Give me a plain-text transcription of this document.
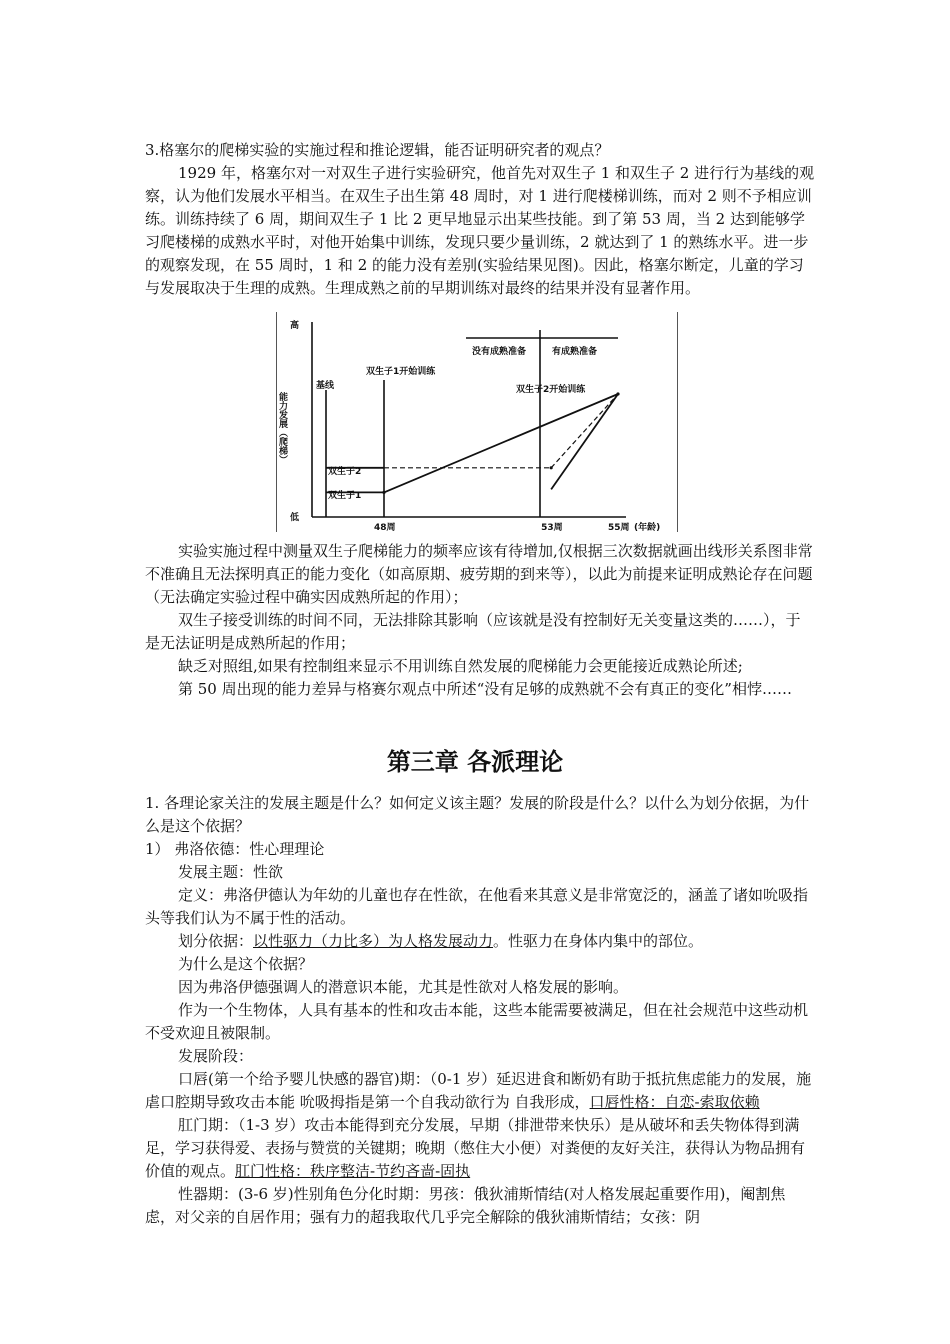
3.格塞尔的爬梯实验的实施过程和推论逻辑，能否证明研究者的观点？

1929 年，格塞尔对一对双生子进行实验研究，他首先对双生子 1 和双生子 2 进行行为基线的观察，认为他们发展水平相当。在双生子出生第 48 周时，对 1 进行爬楼梯训练，而对 2 则不予相应训练。训练持续了 6 周，期间双生子 1 比 2 更早地显示出某些技能。到了第 53 周，当 2 达到能够学习爬楼梯的成熟水平时，对他开始集中训练，发现只要少量训练，2 就达到了 1 的熟练水平。进一步的观察发现，在 55 周时，1 和 2 的能力没有差别(实验结果见图)。因此，格塞尔断定，儿童的学习与发展取决于生理的成熟。生理成熟之前的早期训练对最终的结果并没有显著作用。

高
低
基线
双生子1开始训练
没有成熟准备	有成熟准备
双生子2开始训练
双生子2
双生子1
能力发展（爬梯）
(年龄)
48周	53周	55周

实验实施过程中测量双生子爬梯能力的频率应该有待增加,仅根据三次数据就画出线形关系图非常不准确且无法探明真正的能力变化（如高原期、疲劳期的到来等），以此为前提来证明成熟论存在问题（无法确定实验过程中确实因成熟所起的作用）；

双生子接受训练的时间不同，无法排除其影响（应该就是没有控制好无关变量这类的……），于是无法证明是成熟所起的作用；

缺乏对照组,如果有控制组来显示不用训练自然发展的爬梯能力会更能接近成熟论所述;

第 50 周出现的能力差异与格赛尔观点中所述“没有足够的成熟就不会有真正的变化”相悖……

第三章 各派理论

1. 各理论家关注的发展主题是什么？如何定义该主题？发展的阶段是什么？以什么为划分依据，为什么是这个依据？

1） 弗洛依德：性心理理论

发展主题：性欲

定义：弗洛伊德认为年幼的儿童也存在性欲，在他看来其意义是非常宽泛的，涵盖了诸如吮吸指头等我们认为不属于性的活动。

划分依据：以性驱力（力比多）为人格发展动力。性驱力在身体内集中的部位。

为什么是这个依据？

因为弗洛伊德强调人的潜意识本能，尤其是性欲对人格发展的影响。

作为一个生物体，人具有基本的性和攻击本能，这些本能需要被满足，但在社会规范中这些动机不受欢迎且被限制。

发展阶段：

口唇(第一个给予婴儿快感的器官)期：（0-1 岁）延迟进食和断奶有助于抵抗焦虑能力的发展，施虐口腔期导致攻击本能 吮吸拇指是第一个自我动欲行为 自我形成，口唇性格：自恋-索取依赖

肛门期：（1-3 岁）攻击本能得到充分发展，早期（排泄带来快乐）是从破坏和丢失物体得到满足，学习获得爱、表扬与赞赏的关键期；晚期（憋住大小便）对粪便的友好关注，获得认为物品拥有价值的观点。肛门性格：秩序整洁-节约吝啬-固执

性器期：(3-6 岁)性别角色分化时期：男孩：俄狄浦斯情结(对人格发展起重要作用)，阉割焦虑，对父亲的自居作用；强有力的超我取代几乎完全解除的俄狄浦斯情结；女孩：阴
